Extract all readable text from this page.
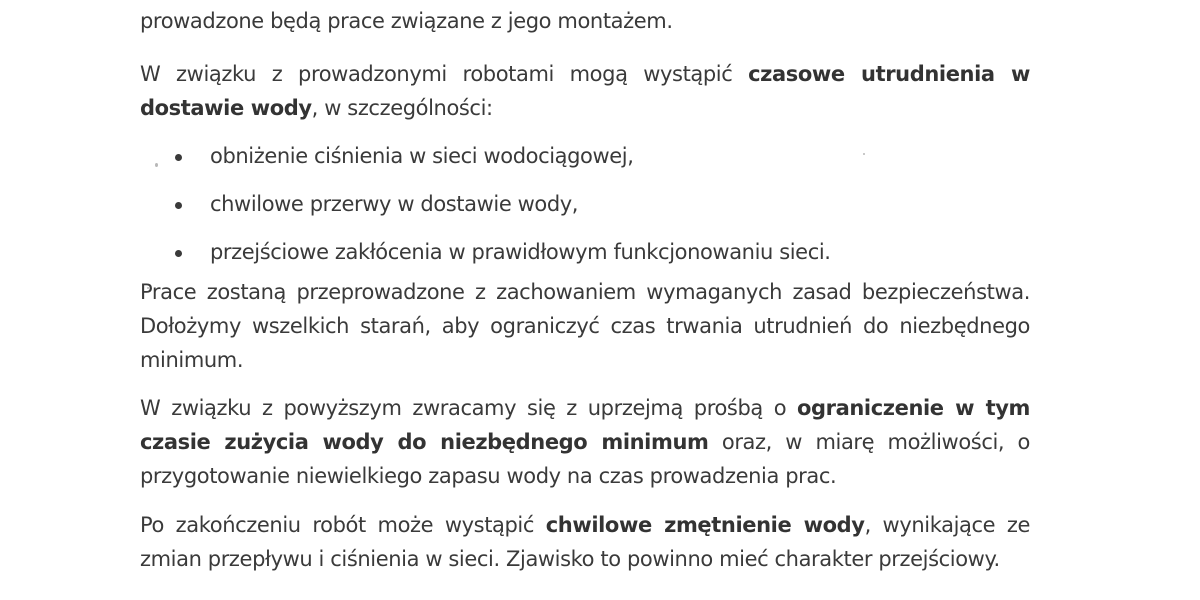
prowadzone będą prace związane z jego montażem.

W związku z prowadzonymi robotami mogą wystąpić czasowe utrudnienia w dostawie wody, w szczególności:

obniżenie ciśnienia w sieci wodociągowej,
chwilowe przerwy w dostawie wody,
przejściowe zakłócenia w prawidłowym funkcjonowaniu sieci.

Prace zostaną przeprowadzone z zachowaniem wymaganych zasad bezpieczeństwa. Dołożymy wszelkich starań, aby ograniczyć czas trwania utrudnień do niezbędnego minimum.

W związku z powyższym zwracamy się z uprzejmą prośbą o ograniczenie w tym czasie zużycia wody do niezbędnego minimum oraz, w miarę możliwości, o przygotowanie niewielkiego zapasu wody na czas prowadzenia prac.

Po zakończeniu robót może wystąpić chwilowe zmętnienie wody, wynikające ze zmian przepływu i ciśnienia w sieci. Zjawisko to powinno mieć charakter przejściowy.
